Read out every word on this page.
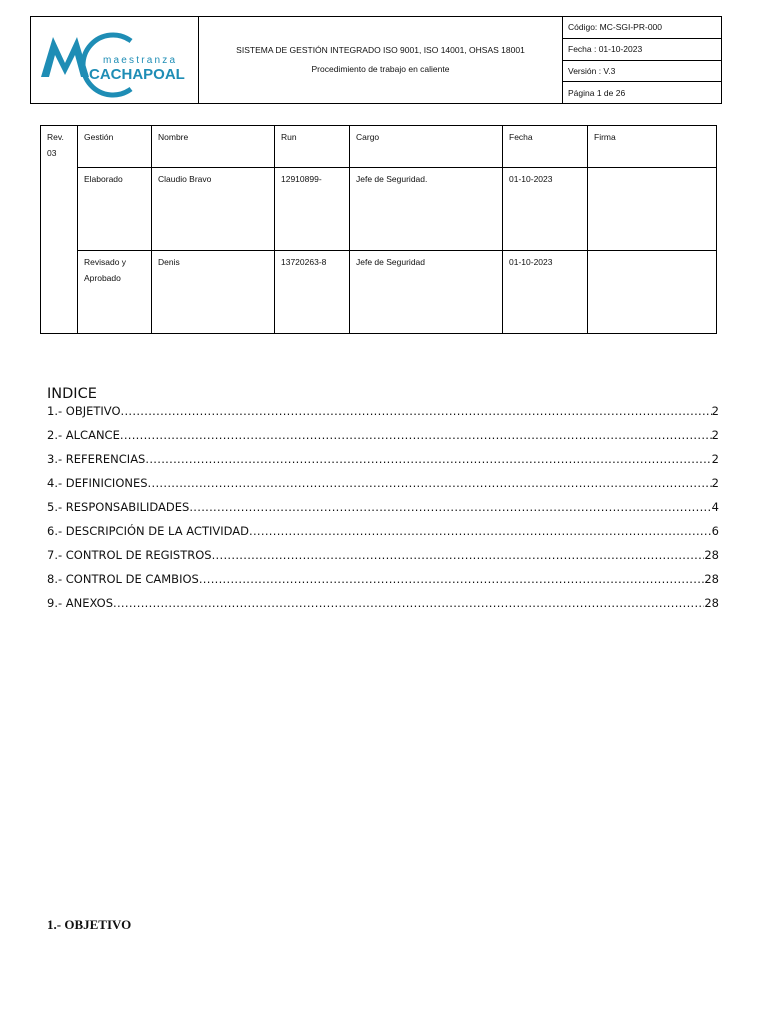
maestranza
CACHAPOAL
SISTEMA DE GESTIÓN INTEGRADO ISO 9001, ISO 14001, OHSAS 18001
Procedimiento de trabajo en caliente
Código: MC-SGI-PR-000
Fecha : 01-10-2023
Versión : V.3
Página 1 de 26
Rev. 03	Gestión	Nombre	Run	Cargo	Fecha	Firma
	Elaborado	Claudio Bravo	12910899-	Jefe de Seguridad.	01-10-2023	
	Revisado y Aprobado	Denis	13720263-8	Jefe de Seguridad	01-10-2023	
INDICE
1.- OBJETIVO .....	2
2.- ALCANCE .....	2
3.- REFERENCIAS .....	2
4.- DEFINICIONES .....	2
5.- RESPONSABILIDADES .....	4
6.- DESCRIPCIÓN DE LA ACTIVIDAD .....	6
7.- CONTROL DE REGISTROS .....	28
8.- CONTROL DE CAMBIOS .....	28
9.- ANEXOS .....	28
1.- OBJETIVO
